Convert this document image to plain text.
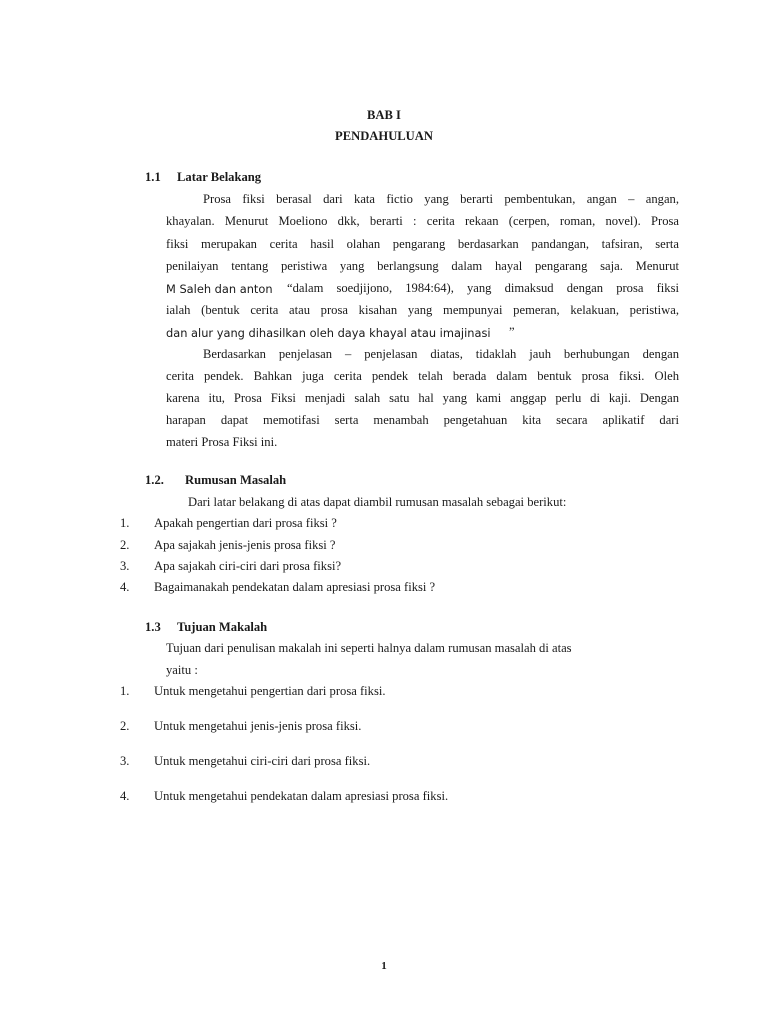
BAB I
PENDAHULUAN
1.1 Latar Belakang
Prosa fiksi berasal dari kata fictio yang berarti pembentukan, angan – angan,
khayalan. Menurut Moeliono dkk, berarti : cerita rekaan (cerpen, roman, novel). Prosa
fiksi merupakan cerita hasil olahan pengarang berdasarkan pandangan, tafsiran, serta
penilaiyan tentang peristiwa yang berlangsung dalam hayal pengarang saja. Menurut
M Saleh dan anton “dalam soedjijono, 1984:64), yang dimaksud dengan prosa fiksi
ialah (bentuk cerita atau prosa kisahan yang mempunyai pemeran, kelakuan, peristiwa,
dan alur yang dihasilkan oleh daya khayal atau imajinasi ”
Berdasarkan penjelasan – penjelasan diatas, tidaklah jauh berhubungan dengan
cerita pendek. Bahkan juga cerita pendek telah berada dalam bentuk prosa fiksi. Oleh
karena itu, Prosa Fiksi menjadi salah satu hal yang kami anggap perlu di kaji. Dengan
harapan dapat memotifasi serta menambah pengetahuan kita secara aplikatif dari
materi Prosa Fiksi ini.
1.2. Rumusan Masalah
Dari latar belakang di atas dapat diambil rumusan masalah sebagai berikut:
1. Apakah pengertian dari prosa fiksi ?
2. Apa sajakah jenis-jenis prosa fiksi ?
3. Apa sajakah ciri-ciri dari prosa fiksi?
4. Bagaimanakah pendekatan dalam apresiasi prosa fiksi ?
1.3 Tujuan Makalah
Tujuan dari penulisan makalah ini seperti halnya dalam rumusan masalah di atas
yaitu :
1. Untuk mengetahui pengertian dari prosa fiksi.
2. Untuk mengetahui jenis-jenis prosa fiksi.
3. Untuk mengetahui ciri-ciri dari prosa fiksi.
4. Untuk mengetahui pendekatan dalam apresiasi prosa fiksi.
1
